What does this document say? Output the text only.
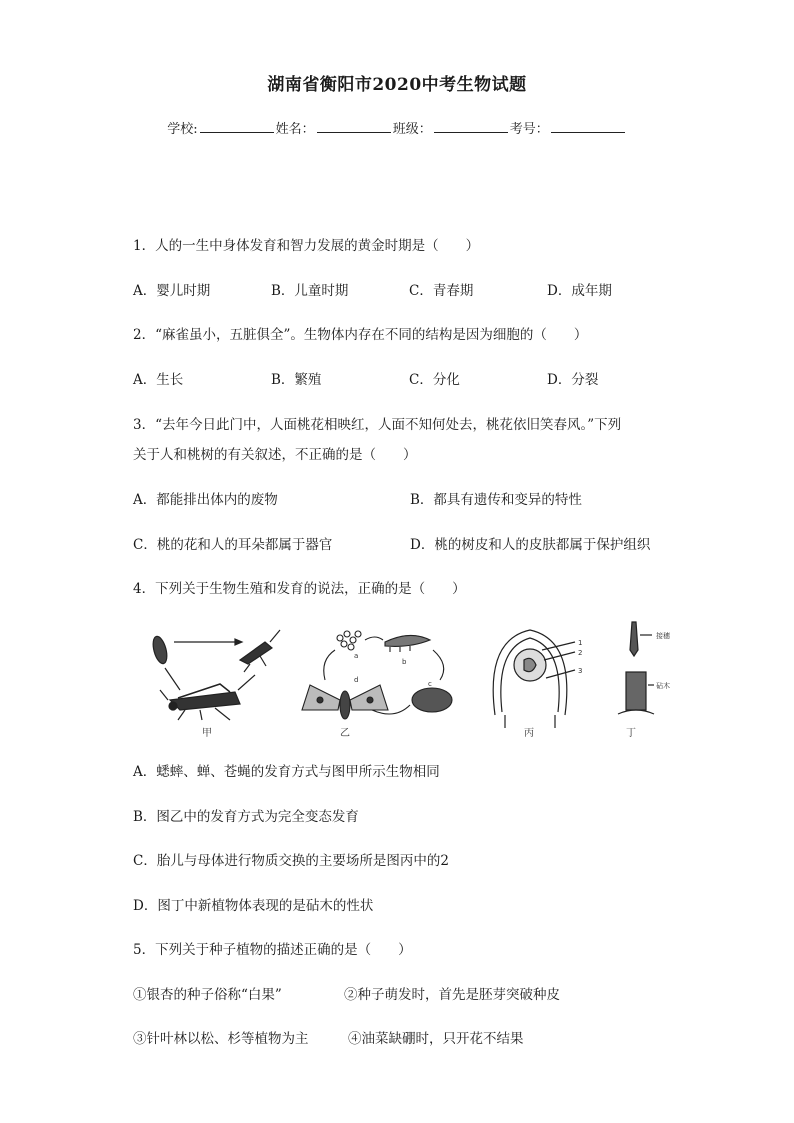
湖南省衡阳市2020中考生物试题
学校:	姓名：	班级：	考号：
1．人的一生中身体发育和智力发展的黄金时期是（　　）
A．婴儿时期	B．儿童时期	C．青春期	D．成年期
2．“麻雀虽小，五脏俱全”。生物体内存在不同的结构是因为细胞的（　　）
A．生长	B．繁殖	C．分化	D．分裂
3．“去年今日此门中，人面桃花相映红，人面不知何处去，桃花依旧笑春风。”下列
关于人和桃树的有关叙述，不正确的是（　　）
A．都能排出体内的废物	B．都具有遗传和变异的特性
C．桃的花和人的耳朵都属于器官	D．桃的树皮和人的皮肤都属于保护组织
4．下列关于生物生殖和发育的说法，正确的是（　　）
甲
a
b
c
d
乙
1
2
3
丙
接穗
砧木
丁
A．蟋蟀、蝉、苍蝇的发育方式与图甲所示生物相同
B．图乙中的发育方式为完全变态发育
C．胎儿与母体进行物质交换的主要场所是图丙中的2
D．图丁中新植物体表现的是砧木的性状
5．下列关于种子植物的描述正确的是（　　）
①银杏的种子俗称“白果”	②种子萌发时，首先是胚芽突破种皮
③针叶林以松、杉等植物为主	④油菜缺硼时，只开花不结果
